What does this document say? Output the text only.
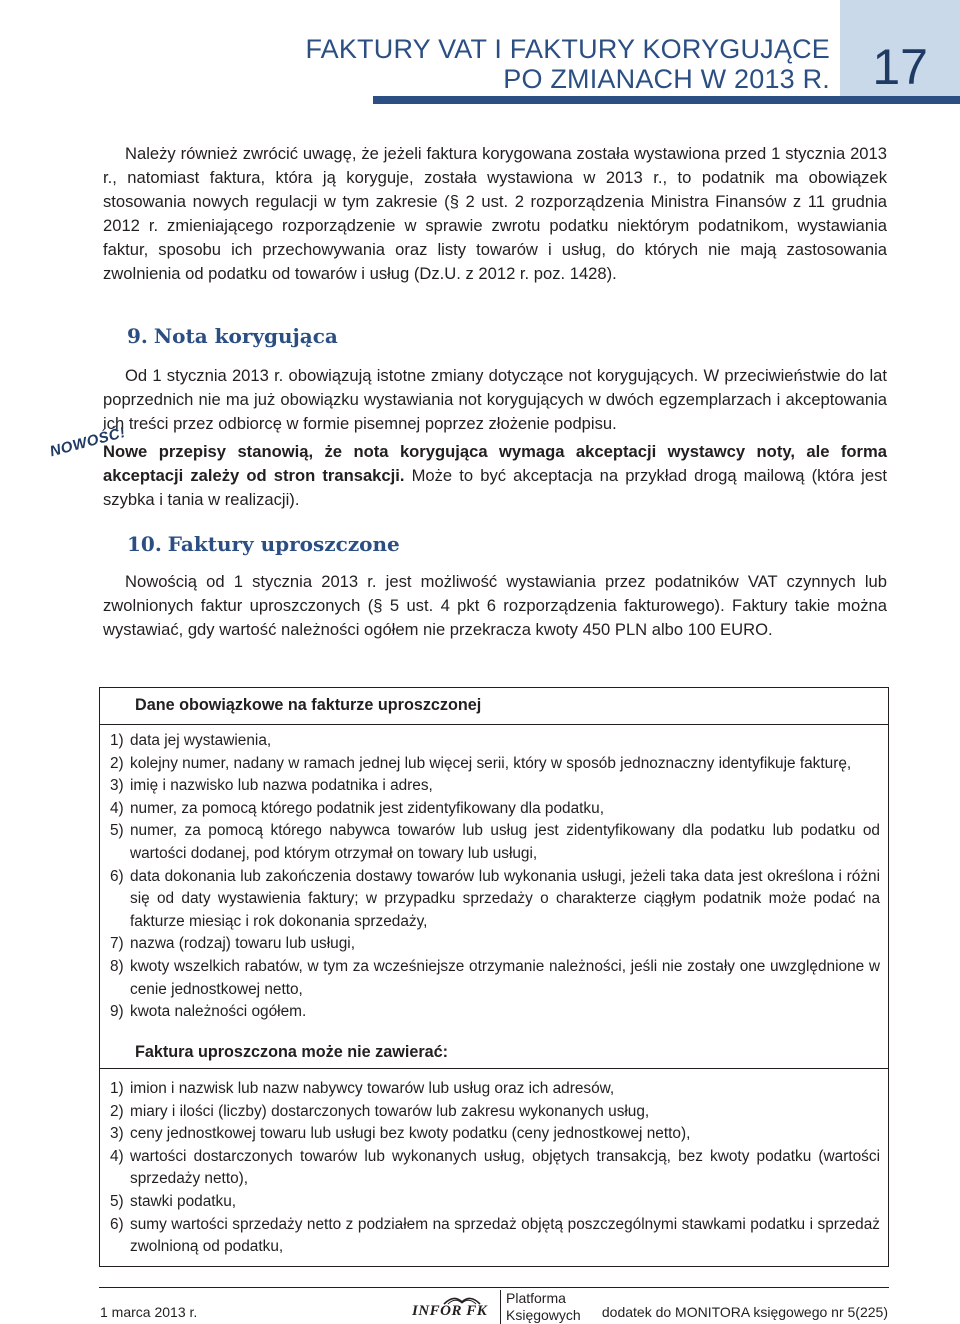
FAKTURY VAT I FAKTURY KORYGUJĄCE
PO ZMIANACH W 2013 R. 17
Należy również zwrócić uwagę, że jeżeli faktura korygowana została wystawiona przed 1 stycznia 2013 r., natomiast faktura, która ją koryguje, została wystawiona w 2013 r., to podatnik ma obowiązek stosowania nowych regulacji w tym zakresie (§ 2 ust. 2 rozporządzenia Ministra Finansów z 11 grudnia 2012 r. zmieniającego rozporządzenie w sprawie zwrotu podatku niektórym podatnikom, wystawiania faktur, sposobu ich przechowywania oraz listy towarów i usług, do których nie mają zastosowania zwolnienia od podatku od towarów i usług (Dz.U. z 2012 r. poz. 1428).
9. Nota korygująca
Od 1 stycznia 2013 r. obowiązują istotne zmiany dotyczące not korygujących. W przeciwieństwie do lat poprzednich nie ma już obowiązku wystawiania not korygujących w dwóch egzemplarzach i akceptowania ich treści przez odbiorcę w formie pisemnej poprzez złożenie podpisu.
NOWOŚĆ!
Nowe przepisy stanowią, że nota korygująca wymaga akceptacji wystawcy noty, ale forma akceptacji zależy od stron transakcji. Może to być akceptacja na przykład drogą mailową (która jest szybka i tania w realizacji).
10. Faktury uproszczone
Nowością od 1 stycznia 2013 r. jest możliwość wystawiania przez podatników VAT czynnych lub zwolnionych faktur uproszczonych (§ 5 ust. 4 pkt 6 rozporządzenia fakturowego). Faktury takie można wystawiać, gdy wartość należności ogółem nie przekracza kwoty 450 PLN albo 100 EURO.
Dane obowiązkowe na fakturze uproszczonej
1) data jej wystawienia,
2) kolejny numer, nadany w ramach jednej lub więcej serii, który w sposób jednoznaczny identyfikuje fakturę,
3) imię i nazwisko lub nazwa podatnika i adres,
4) numer, za pomocą którego podatnik jest zidentyfikowany dla podatku,
5) numer, za pomocą którego nabywca towarów lub usług jest zidentyfikowany dla podatku lub podatku od wartości dodanej, pod którym otrzymał on towary lub usługi,
6) data dokonania lub zakończenia dostawy towarów lub wykonania usługi, jeżeli taka data jest określona i różni się od daty wystawienia faktury; w przypadku sprzedaży o charakterze ciągłym podatnik może podać na fakturze miesiąc i rok dokonania sprzedaży,
7) nazwa (rodzaj) towaru lub usługi,
8) kwoty wszelkich rabatów, w tym za wcześniejsze otrzymanie należności, jeśli nie zostały one uwzględnione w cenie jednostkowej netto,
9) kwota należności ogółem.
Faktura uproszczona może nie zawierać:
1) imion i nazwisk lub nazw nabywcy towarów lub usług oraz ich adresów,
2) miary i ilości (liczby) dostarczonych towarów lub zakresu wykonanych usług,
3) ceny jednostkowej towaru lub usługi bez kwoty podatku (ceny jednostkowej netto),
4) wartości dostarczonych towarów lub wykonanych usług, objętych transakcją, bez kwoty podatku (wartości sprzedaży netto),
5) stawki podatku,
6) sumy wartości sprzedaży netto z podziałem na sprzedaż objętą poszczególnymi stawkami podatku i sprzedaż zwolnioną od podatku,
1 marca 2013 r.	INFOR FK
Platforma
Księgowych dodatek do MONITORA księgowego nr 5(225)
